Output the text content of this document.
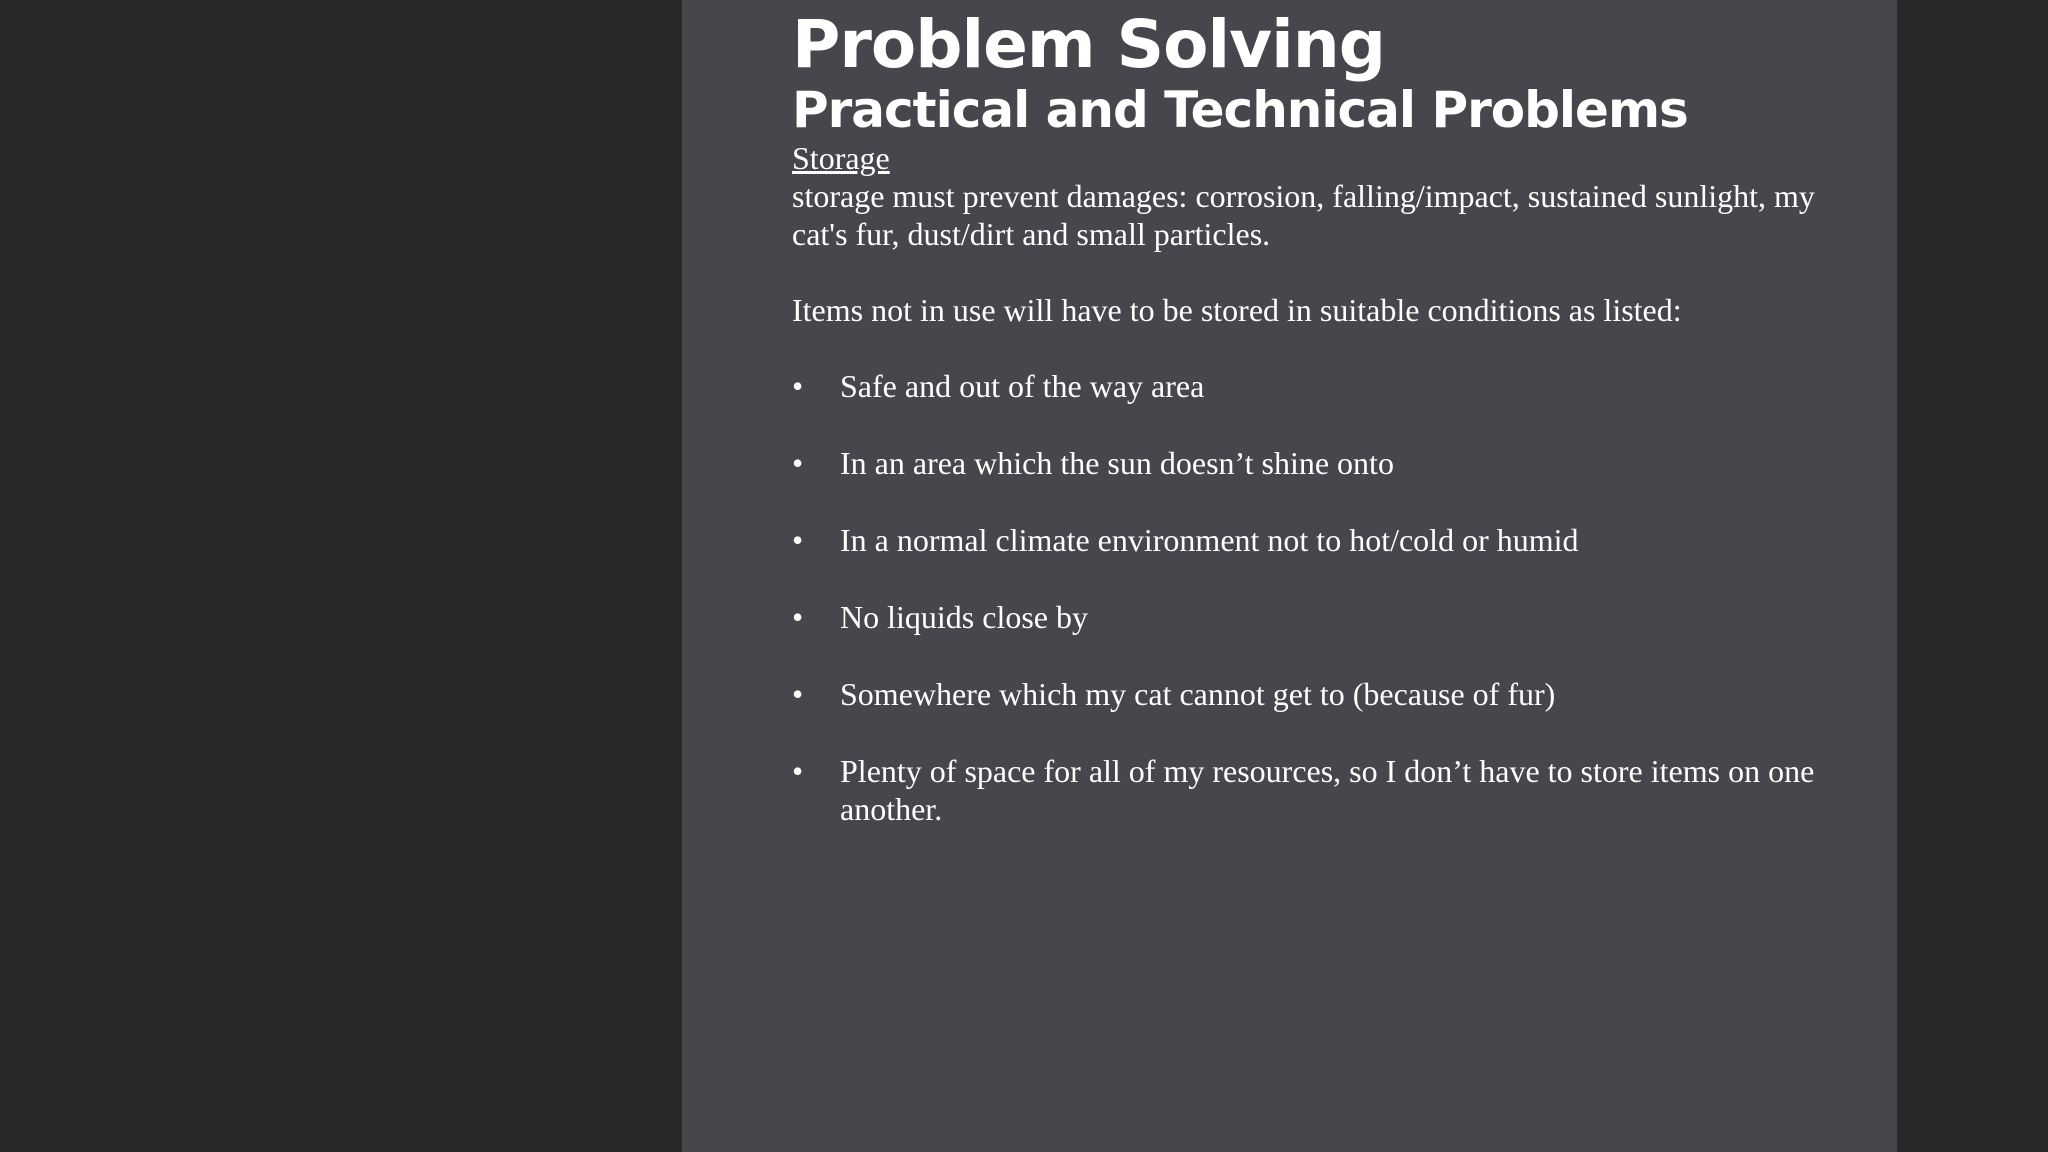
Problem Solving
Practical and Technical Problems

Storage

storage must prevent damages: corrosion, falling/impact, sustained sunlight, my cat's fur, dust/dirt and small particles.

Items not in use will have to be stored in suitable conditions as listed:

• Safe and out of the way area
• In an area which the sun doesn’t shine onto
• In a normal climate environment not to hot/cold or humid
• No liquids close by
• Somewhere which my cat cannot get to (because of fur)
• Plenty of space for all of my resources, so I don’t have to store items on one another.
